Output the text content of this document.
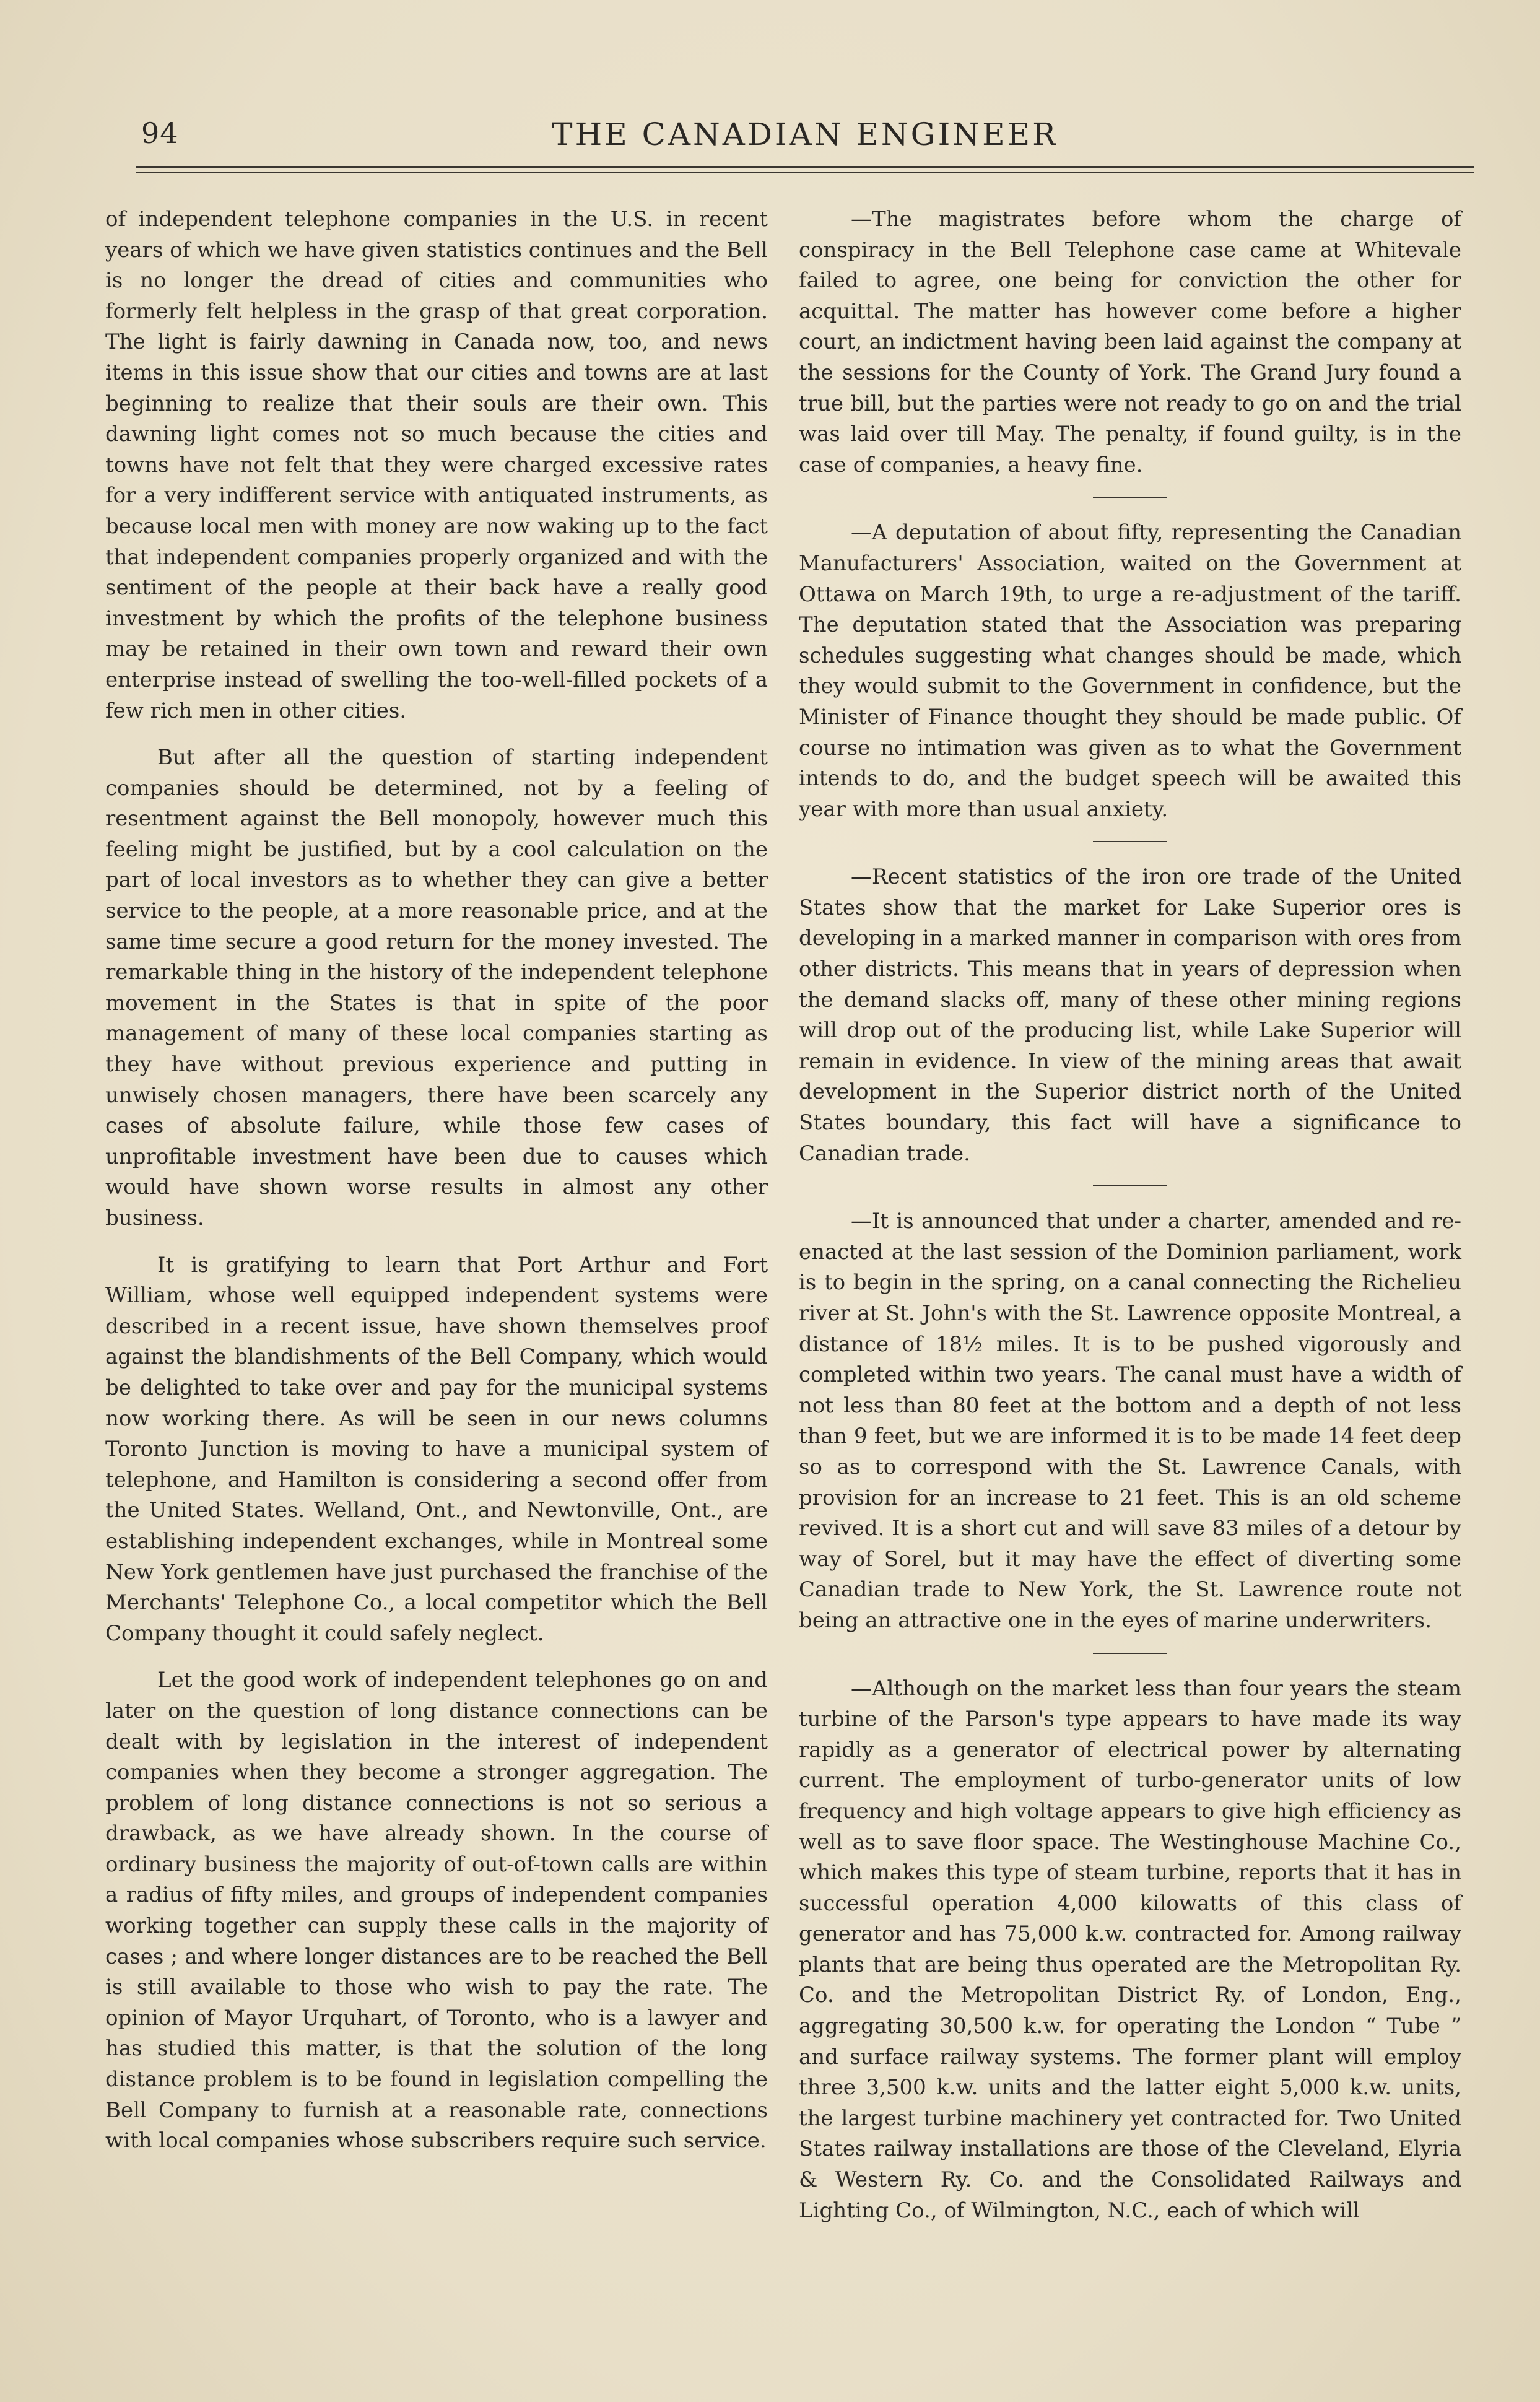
94	THE CANADIAN ENGINEER

of independent telephone companies in the U.S. in recent years of which we have given statistics continues and the Bell is no longer the dread of cities and communities who formerly felt helpless in the grasp of that great corporation. The light is fairly dawning in Canada now, too, and news items in this issue show that our cities and towns are at last beginning to realize that their souls are their own. This dawning light comes not so much because the cities and towns have not felt that they were charged excessive rates for a very indifferent service with antiquated instruments, as because local men with money are now waking up to the fact that independent companies properly organized and with the sentiment of the people at their back have a really good investment by which the profits of the telephone business may be retained in their own town and reward their own enterprise instead of swelling the too-well-filled pockets of a few rich men in other cities.

But after all the question of starting independent companies should be determined, not by a feeling of resentment against the Bell monopoly, however much this feeling might be justified, but by a cool calculation on the part of local investors as to whether they can give a better service to the people, at a more reasonable price, and at the same time secure a good return for the money invested. The remarkable thing in the history of the independent telephone movement in the States is that in spite of the poor management of many of these local companies starting as they have without previous experience and putting in unwisely chosen managers, there have been scarcely any cases of absolute failure, while those few cases of unprofitable investment have been due to causes which would have shown worse results in almost any other business.

It is gratifying to learn that Port Arthur and Fort William, whose well equipped independent systems were described in a recent issue, have shown themselves proof against the blandishments of the Bell Company, which would be delighted to take over and pay for the municipal systems now working there. As will be seen in our news columns Toronto Junction is moving to have a municipal system of telephone, and Hamilton is considering a second offer from the United States. Welland, Ont., and Newtonville, Ont., are establishing independent exchanges, while in Montreal some New York gentlemen have just purchased the franchise of the Merchants' Telephone Co., a local competitor which the Bell Company thought it could safely neglect.

Let the good work of independent telephones go on and later on the question of long distance connections can be dealt with by legislation in the interest of independent companies when they become a stronger aggregation. The problem of long distance connections is not so serious a drawback, as we have already shown. In the course of ordinary business the majority of out-of-town calls are within a radius of fifty miles, and groups of independent companies working together can supply these calls in the majority of cases ; and where longer distances are to be reached the Bell is still available to those who wish to pay the rate. The opinion of Mayor Urquhart, of Toronto, who is a lawyer and has studied this matter, is that the solution of the long distance problem is to be found in legislation compelling the Bell Company to furnish at a reasonable rate, connections with local companies whose subscribers require such service.

—The magistrates before whom the charge of conspiracy in the Bell Telephone case came at Whitevale failed to agree, one being for conviction the other for acquittal. The matter has however come before a higher court, an indictment having been laid against the company at the sessions for the County of York. The Grand Jury found a true bill, but the parties were not ready to go on and the trial was laid over till May. The penalty, if found guilty, is in the case of companies, a heavy fine.

—A deputation of about fifty, representing the Canadian Manufacturers' Association, waited on the Government at Ottawa on March 19th, to urge a re-adjustment of the tariff. The deputation stated that the Association was preparing schedules suggesting what changes should be made, which they would submit to the Government in confidence, but the Minister of Finance thought they should be made public. Of course no intimation was given as to what the Government intends to do, and the budget speech will be awaited this year with more than usual anxiety.

—Recent statistics of the iron ore trade of the United States show that the market for Lake Superior ores is developing in a marked manner in comparison with ores from other districts. This means that in years of depression when the demand slacks off, many of these other mining regions will drop out of the producing list, while Lake Superior will remain in evidence. In view of the mining areas that await development in the Superior district north of the United States boundary, this fact will have a significance to Canadian trade.

—It is announced that under a charter, amended and re-enacted at the last session of the Dominion parliament, work is to begin in the spring, on a canal connecting the Richelieu river at St. John's with the St. Lawrence opposite Montreal, a distance of 18½ miles. It is to be pushed vigorously and completed within two years. The canal must have a width of not less than 80 feet at the bottom and a depth of not less than 9 feet, but we are informed it is to be made 14 feet deep so as to correspond with the St. Lawrence Canals, with provision for an increase to 21 feet. This is an old scheme revived. It is a short cut and will save 83 miles of a detour by way of Sorel, but it may have the effect of diverting some Canadian trade to New York, the St. Lawrence route not being an attractive one in the eyes of marine underwriters.

—Although on the market less than four years the steam turbine of the Parson's type appears to have made its way rapidly as a generator of electrical power by alternating current. The employment of turbo-generator units of low frequency and high voltage appears to give high efficiency as well as to save floor space. The Westinghouse Machine Co., which makes this type of steam turbine, reports that it has in successful operation 4,000 kilowatts of this class of generator and has 75,000 k.w. contracted for. Among railway plants that are being thus operated are the Metropolitan Ry. Co. and the Metropolitan District Ry. of London, Eng., aggregating 30,500 k.w. for operating the London “ Tube ” and surface railway systems. The former plant will employ three 3,500 k.w. units and the latter eight 5,000 k.w. units, the largest turbine machinery yet contracted for. Two United States railway installations are those of the Cleveland, Elyria & Western Ry. Co. and the Consolidated Railways and Lighting Co., of Wilmington, N.C., each of which will
